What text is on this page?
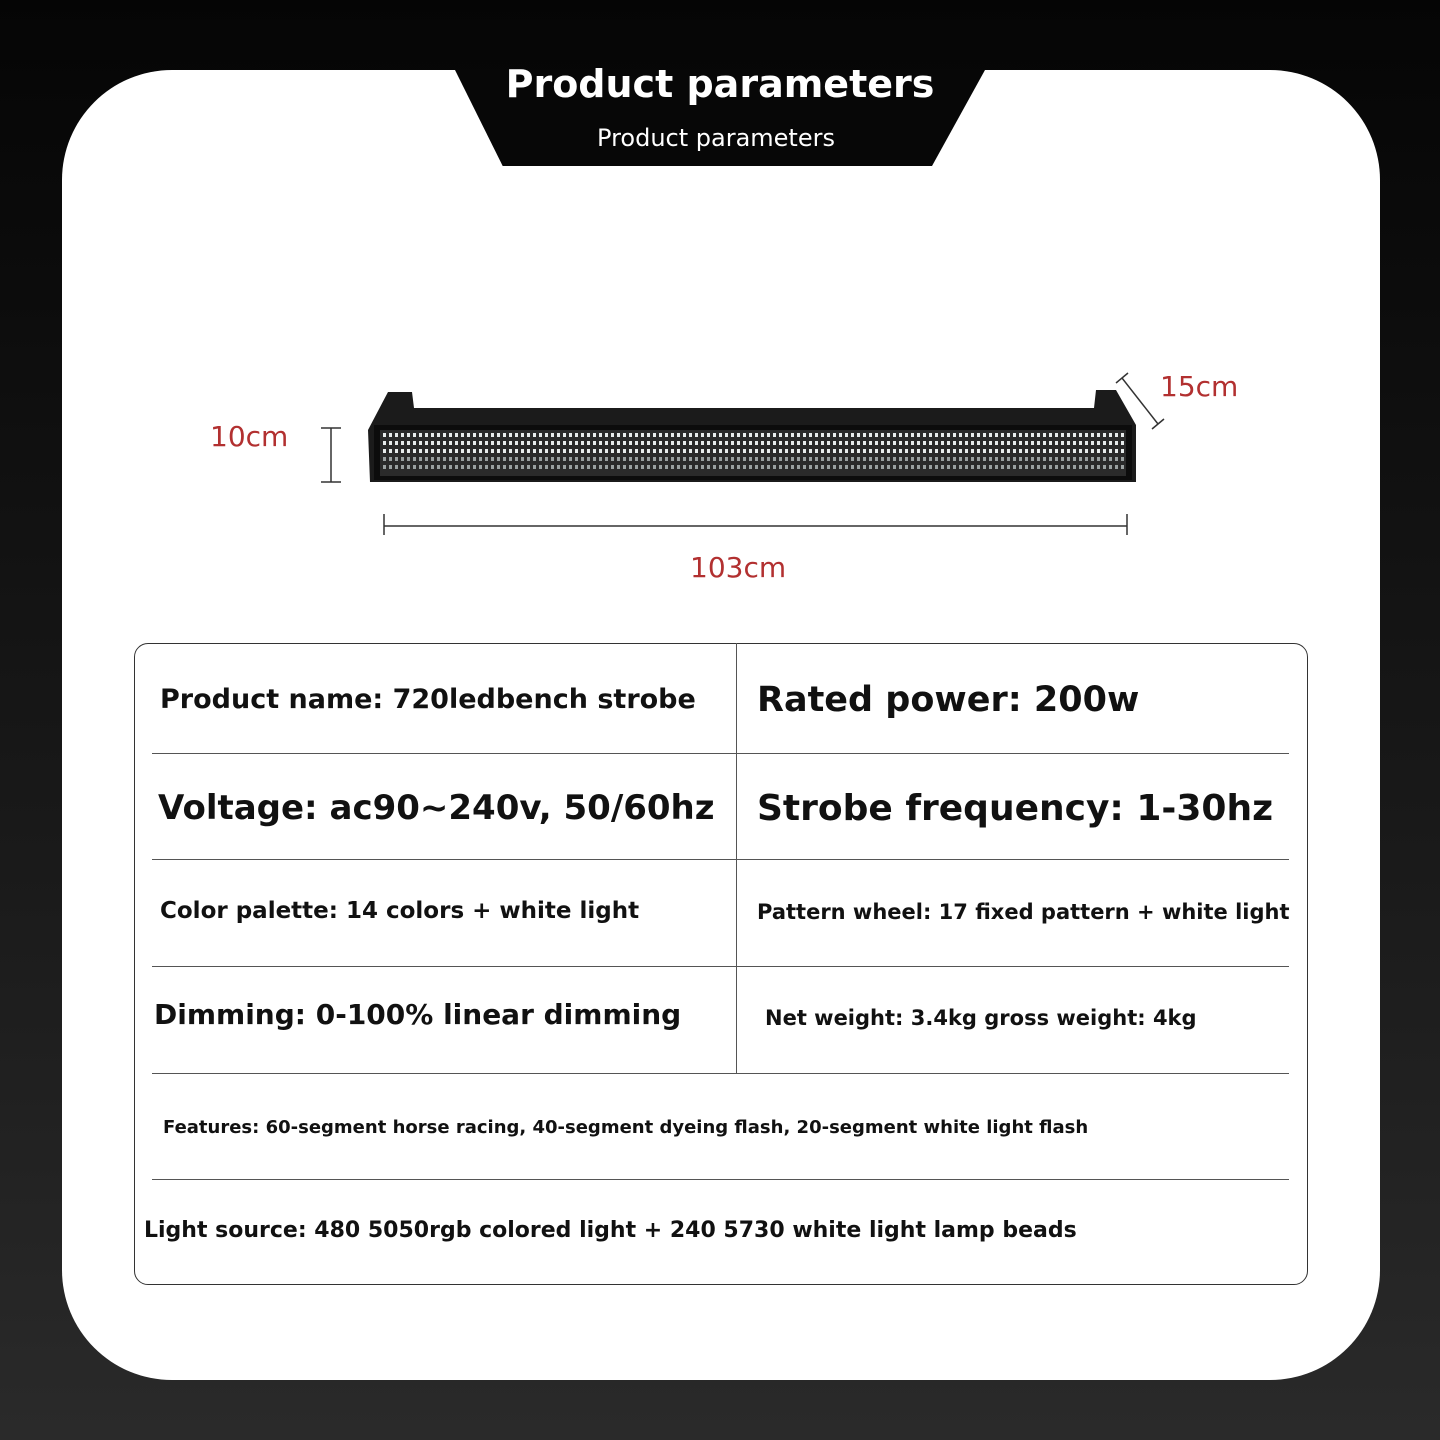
Product parameters
Product parameters
10cm
15cm
103cm
Product name: 720ledbench strobe Rated power: 200w
Voltage: ac90~240v, 50/60hz Strobe frequency: 1-30hz
Color palette: 14 colors + white light	Pattern wheel: 17 fixed pattern + white light
Dimming: 0-100% linear dimming	Net weight: 3.4kg gross weight: 4kg
Features: 60-segment horse racing, 40-segment dyeing flash, 20-segment white light flash
Light source: 480 5050rgb colored light + 240 5730 white light lamp beads
